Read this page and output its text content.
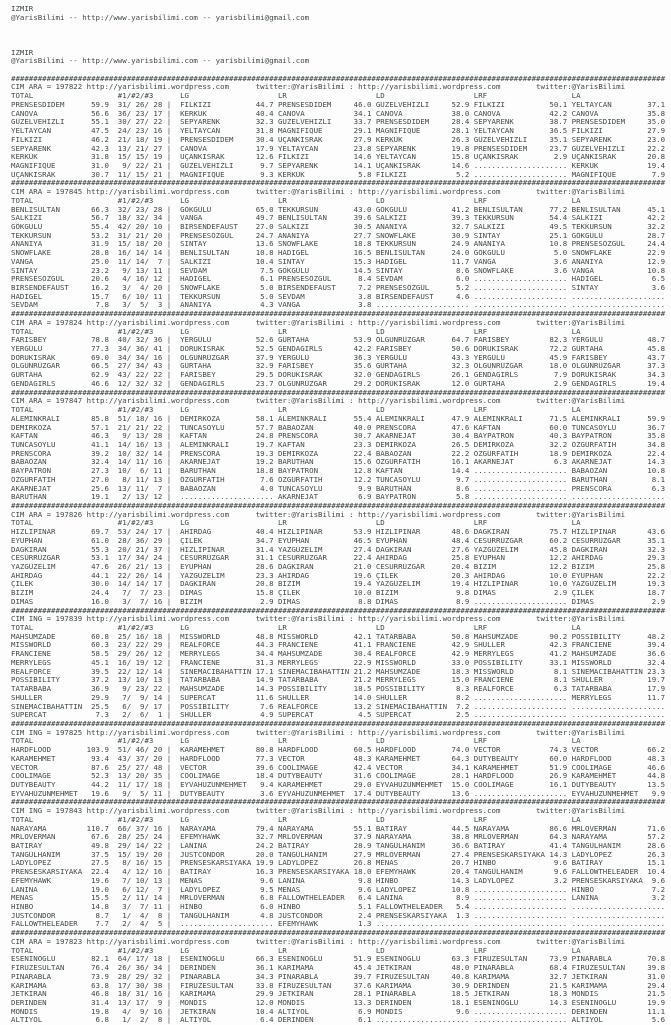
IZMIR
@YarisBilimi -- http://www.yarisbilimi.com -- yarisbilimi@gmail.com
IZMIR
@YarisBilimi -- http://www.yarisbilimi.com -- yarisbilimi@gmail.com
###################################################################################################################################################
CIM ARA = 197822 http://yarisbilimi.wordpress.com      twitter:@YarisBilimi : http://yarisbilimi.wordpress.com        twitter:@YarisBilimi
TOTAL                   #1/#2/#3      LG                    LR                    LD                    LRF                   LA
PRENSESDIDEM      59.9  31/ 26/ 28 |  FILKIZI          44.7 PRENSESDIDEM     46.0 GÜZELVEHIZLI     52.9 FILKIZI          50.1 YELTAYCAN        37.1
CANOVA            56.6  36/ 23/ 17 |  KERKÜK           40.4 CANOVA           34.1 CANOVA           38.0 CANOVA           42.2 CANOVA           35.8
GÜZELVEHIZLI      55.1  30/ 27/ 22 |  SEPYARENK        32.3 GÜZELVEHIZLI     33.7 PRENSESDIDEM     28.4 SEPYARENK        38.7 PRENSESDIDEM     35.0
YELTAYCAN         47.5  24/ 23/ 16 |  YELTAYCAN        31.8 MAGNIFIQUE       29.1 MAGNIFIQUE       28.1 YELTAYCAN        36.5 FILKIZI          27.9
FILKIZI           46.2  21/ 18/ 19 |  PRENSESDIDEM     30.4 UÇANKISRAK       27.9 KERKÜK           26.3 GÜZELVEHIZLI     35.1 SEPYARENK        23.0
SEPYARENK         42.3  13/ 21/ 27 |  CANOVA           17.9 YELTAYCAN        23.8 SEPYARENK        19.8 PRENSESDIDEM     23.7 GÜZELVEHIZLI     22.2
KERKÜK            31.8  15/ 15/ 19 |  UÇANKISRAK       12.6 FILKIZI          14.6 YELTAYCAN        15.8 UÇANKISRAK        2.9 UÇANKISRAK       20.8
MAGNIFIQUE        31.0   9/ 22/ 21 |  GÜZELVEHIZLI      9.7 SEPYARENK        14.1 UÇANKISRAK       14.6 ..................... KERKÜK           19.4
UÇANKISRAK        30.7  11/ 15/ 21 |  MAGNIFIQUE        9.3 KERKÜK            5.8 FILKIZI           5.2 ..................... MAGNIFIQUE        7.9
###################################################################################################################################################
CIM ARA = 197845 http://yarisbilimi.wordpress.com      twitter:@YarisBilimi : http://yarisbilimi.wordpress.com        twitter:@YarisBilimi
TOTAL                   #1/#2/#3      LG                    LR                    LD                    LRF                   LA
BENLISULTAN       66.3  32/ 23/ 28 |  GÖKGÜLÜ          65.0 TEKKURSUN        43.0 GÖKGÜLÜ          41.2 BENLISULTAN      77.2 BENLISULTAN      45.1
SALKIZI           56.7  18/ 32/ 34 |  VANGA            49.7 BENLISULTAN      39.6 SALKIZI          39.3 TEKKURSUN        54.4 SALKIZI          42.2
GÖKGÜLÜ           55.4  42/ 20/ 10 |  BIRSENDEFAUST    27.0 SALKIZI          30.5 ANANIYA          32.7 SALKIZI          49.5 TEKKURSUN        32.2
TEKKURSUN         53.2  31/ 21/ 20 |  PRENSESÖZGÜL     24.7 ANANIYA          27.7 SNOWFLAKE        30.9 SINTAY           25.1 GÖKGÜLÜ          28.7
ANANIYA           31.9  15/ 18/ 20 |  SINTAY           13.6 SNOWFLAKE        18.8 TEKKURSUN        24.9 ANANIYA          10.8 PRENSESÖZGÜL     24.4
SNOWFLAKE         28.8  16/ 14/ 14 |  BENLISULTAN      10.8 HADIGEL          16.5 BENLISULTAN      24.0 GÖKGÜLÜ           5.0 SNOWFLAKE        22.9
VANGA             25.0  11/ 14/  7 |  SALKIZI          10.4 SINTAY           15.3 HADIGEL          11.7 VANGA             3.6 ANANIYA          12.9
SINTAY            23.2   9/ 13/ 11 |  SEVDAM            7.5 GÖKGÜLÜ          14.5 SINTAY            8.6 SNOWFLAKE         3.6 VANGA            10.8
PRENSESÖZGÜL      20.6   4/ 16/ 12 |  HADIGEL           6.1 PRENSESÖZGÜL      8.4 SEVDAM            6.0 ..................... HADIGEL           6.5
BIRSENDEFAUST     16.2   3/  4/ 20 |  SNOWFLAKE         5.0 BIRSENDEFAUST     7.2 PRENSESÖZGÜL      5.2 ..................... SINTAY            3.6
HADIGEL           15.7   6/ 10/ 11 |  TEKKURSUN         5.0 SEVDAM            3.8 BIRSENDEFAUST     4.6 ..................... .....................
SEVDAM             7.8   3/  5/  3 |  ANANIYA           4.3 VANGA             3.8 ..................... ..................... .....................
###################################################################################################################################################
CIM ARA = 197824 http://yarisbilimi.wordpress.com      twitter:@YarisBilimi : http://yarisbilimi.wordpress.com        twitter:@YarisBilimi
TOTAL                   #1/#2/#3      LG                    LR                    LD                    LRF                   LA
FARISBEY          78.8  40/ 32/ 36 |  YERGÜLÜ          52.6 GÜRTAHA          53.9 OLGUNRÜZGAR      64.7 FARISBEY         82.3 YERGÜLÜ          48.7
YERGÜLÜ           77.3  34/ 36/ 41 |  DORUKISRAK       52.5 GENDAGIRLS       42.2 FARISBEY         50.6 DORUKISRAK       72.2 GÜRTAHA          45.8
DORUKISRAK        69.0  34/ 34/ 16 |  OLGUNRÜZGAR      37.9 YERGÜLÜ          36.3 YERGÜLÜ          43.3 YERGÜLÜ          45.9 FARISBEY         43.7
OLGUNRÜZGAR       66.5  27/ 34/ 43 |  GÜRTAHA          32.9 FARISBEY         35.6 GÜRTAHA          32.3 OLGUNRÜZGAR      18.0 OLGUNRÜZGAR      37.3
GÜRTAHA           62.9  43/ 22/ 22 |  FARISBEY         29.5 DORUKISRAK       32.0 GENDAGIRLS       26.1 GENDAGIRLS        7.9 DORUKISRAK       34.3
GENDAGIRLS        46.6  12/ 32/ 32 |  GENDAGIRLS       23.7 OLGUNRÜZGAR      29.2 DORUKISRAK       12.0 GÜRTAHA           2.9 GENDAGIRLS       19.4
###################################################################################################################################################
CIM ARA = 197847 http://yarisbilimi.wordpress.com      twitter:@YarisBilimi : http://yarisbilimi.wordpress.com        twitter:@YarisBilimi
TOTAL                   #1/#2/#3      LG                    LR                    LD                    LRF                   LA
ALEMINKRALI       85.8  51/ 18/ 16 |  DEMIRKOZA        58.1 ALEMINKRALI      55.4 ALEMINKRALI      47.9 ALEMINKRALI      71.5 ALEMINKRALI      59.9
DEMIRKOZA         57.1  21/ 21/ 22 |  TUNCASOYLU       57.7 BABAOZAN         40.0 PRENSCORA        47.6 KAFTAN           60.0 TUNCASOYLU       36.7
KAFTAN            46.3   9/ 13/ 28 |  KAFTAN           24.8 PRENSCORA        30.7 AKARNEJAT        30.4 BAYPATRON        40.3 BAYPATRON        35.8
TUNCASOYLU        41.1  14/ 16/ 13 |  ALEMINKRALI      19.7 KAFTAN           23.3 DEMIRKOZA        26.5 DEMIRKOZA        32.2 ÖZGÜRFATIH       34.8
PRENSCORA         39.2  10/ 32/ 14 |  PRENSCORA        19.3 DEMIRKOZA        22.4 BABAOZAN         22.2 ÖZGÜRFATIH       18.9 DEMIRKOZA        22.4
BABAOZAN          32.4  14/ 11/ 16 |  AKARNEJAT        19.2 BARUTHAN         15.6 ÖZGÜRFATIH       16.1 AKARNEJAT         6.3 AKARNEJAT        14.3
BAYPATRON         27.3  10/  6/ 11 |  BARUTHAN         18.8 BAYPATRON        12.8 KAFTAN           14.4 ..................... BABAOZAN         10.8
ÖZGÜRFATIH        27.0   8/ 11/ 13 |  ÖZGÜRFATIH        7.6 ÖZGÜRFATIH       12.2 TUNCASOYLU        9.7 ..................... BARUTHAN          8.1
AKARNEJAT         25.6  13/ 11/  7 |  BABAOZAN          4.0 TUNCASOYLU        9.9 BARUTHAN          8.6 ..................... PRENSCORA         6.3
BARUTHAN          19.1   2/ 13/ 12 |  ..................... AKARNEJAT         6.9 BAYPATRON         5.8 ..................... .....................
###################################################################################################################################################
CIM ARA = 197826 http://yarisbilimi.wordpress.com      twitter:@YarisBilimi : http://yarisbilimi.wordpress.com        twitter:@YarisBilimi
TOTAL                   #1/#2/#3      LG                    LR                    LD                    LRF                   LA
HIZLIPINAR        69.7  53/ 24/ 17 |  AHIRDAG          40.4 HIZLIPINAR       53.9 HIZLIPINAR       48.6 DAGKIRAN         75.7 HIZLIPINAR       43.6
EYUPHAN           61.0  28/ 36/ 29 |  ÇILEK            34.7 EYUPHAN          46.5 EYUPHAN          48.4 CESURRÜZGAR      60.2 CESURRÜZGAR      35.1
DAGKIRAN          55.3  20/ 21/ 37 |  HIZLIPINAR       31.4 YAZGÜZELIM       27.4 DAGKIRAN         27.6 YAZGÜZELIM       45.8 DAGKIRAN         32.3
CESURRÜZGAR       53.1  17/ 34/ 24 |  CESURRÜZGAR      31.1 CESURRÜZGAR      22.4 AHIRDAG          25.8 EYUPHAN          12.2 AHIRDAG          29.3
YAZGÜZELIM        47.6  26/ 21/ 13 |  EYUPHAN          28.6 DAGKIRAN         21.0 CESURRÜZGAR      20.4 BIZIM            12.2 BIZIM            25.8
AHIRDAG           44.1  22/ 26/ 14 |  YAZGÜZELIM       23.3 AHIRDAG          19.6 ÇILEK            20.3 AHIRDAG          10.0 EYUPHAN          22.2
ÇILEK             30.0  14/ 14/ 17 |  DAGKIRAN         20.8 BIZIM            19.4 YAZGÜZELIM       19.4 HIZLIPINAR       10.0 YAZGÜZELIM       19.3
BIZIM             24.4   7/  7/ 23 |  DIMAS            15.8 ÇILEK            10.0 BIZIM             9.8 DIMAS             2.9 ÇILEK            18.7
DIMAS             16.0   3/  7/ 16 |  BIZIM             2.9 DIMAS             8.8 DIMAS             8.9 ..................... DIMAS             2.9
###################################################################################################################################################
CIM ING = 197839 http://yarisbilimi.wordpress.com      twitter:@YarisBilimi : http://yarisbilimi.wordpress.com        twitter:@YarisBilimi
TOTAL                   #1/#2/#3      LG                    LR                    LD                    LRF                   LA
MAHSUMZADE        60.8  25/ 16/ 18 |  MISSWORLD        48.8 MISSWORLD        42.1 TATARBABA        50.8 MAHSUMZADE       90.2 POSSIBILITY      48.2
MISSWORLD         60.3  23/ 22/ 29 |  REALFORCE        44.3 FRANCIENE        41.1 FRANCIENE        42.9 SHULLER          42.3 FRANCIENE        39.4
FRANCIENE         58.5  29/ 26/ 12 |  MERRYLEGS        34.4 MAHSUMZADE       30.4 REALFORCE        42.9 MERRYLEGS        41.2 MAHSUMZADE       36.6
MERRYLEGS         45.1  16/ 19/ 12 |  FRANCIENE        31.3 MERRYLEGS        22.9 MISSWORLD        33.0 POSSIBILITY      33.1 MISSWORLD        32.4
REALFORCE         39.5  22/ 12/ 14 |  SINEMACIBAHATTIN 17.1 SINEMACIBAHATTIN 21.2 MAHSUMZADE       18.3 MISSWORLD         8.1 SINEMACIBAHATTIN 23.3
POSSIBILITY       37.2  13/ 10/ 13 |  TATARBABA        14.9 TATARBABA        21.2 MERRYLEGS        15.0 FRANCIENE         8.1 SHULLER          19.7
TATARBABA         36.9   9/ 23/ 22 |  MAHSUMZADE       14.3 POSSIBILITY      18.5 POSSIBILITY       8.3 REALFORCE         6.3 TATARBABA        17.9
SHULLER           29.9   7/  9/ 14 |  SUPERCAT         11.6 SHULLER          14.0 SHULLER           8.2 ..................... MERRYLEGS        11.7
SINEMACIBAHATTIN  25.5   6/  9/ 17 |  POSSIBILITY       7.6 REALFORCE        13.2 SINEMACIBAHATTIN  7.2 ..................... .....................
SUPERCAT           7.3   2/  6/  1 |  SHULLER           4.9 SUPERCAT          4.5 SUPERCAT          2.5 ..................... .....................
###################################################################################################################################################
CIM ING = 197825 http://yarisbilimi.wordpress.com      twitter:@YarisBilimi : http://yarisbilimi.wordpress.com        twitter:@YarisBilimi
TOTAL                   #1/#2/#3      LG                    LR                    LD                    LRF                   LA
HARDFLOOD        103.9  51/ 46/ 20 |  KARAMEHMET       80.8 HARDFLOOD        60.5 HARDFLOOD        74.0 VECTOR           74.3 VECTOR           66.2
KARAMEHMET        93.4  43/ 37/ 20 |  HARDFLOOD        77.3 VECTOR           48.3 KARAMEHMET       64.3 DUTYBEAUTY       60.0 HARDFLOOD        48.3
VECTOR            87.6  25/ 27/ 48 |  VECTOR           39.6 COOLIMAGE        42.4 VECTOR           34.1 KARAMEHMET       51.9 COOLIMAGE        46.6
COOLIMAGE         52.3  13/ 20/ 35 |  COOLIMAGE        18.4 DUTYBEAUTY       31.6 COOLIMAGE        28.1 HARDFLOOD        26.9 KARAMEHMET       44.8
DUTYBEAUTY        44.2  11/ 17/ 18 |  EYVAHUZUNMEHMET   9.4 KARAMEHMET       29.0 EYVAHUZUNMEHMET  15.0 COOLIMAGE        16.1 DUTYBEAUTY       13.5
EYVAHUZUNMEHMET   19.6   9/  5/ 11 |  DUTYBEAUTY        3.6 EYVAHUZUNMEHMET  17.4 DUTYBEAUTY       13.6 ..................... EYVAHUZUNMEHMET   9.9
###################################################################################################################################################
CIM ING = 197843 http://yarisbilimi.wordpress.com      twitter:@YarisBilimi : http://yarisbilimi.wordpress.com        twitter:@YarisBilimi
TOTAL                   #1/#2/#3      LG                    LR                    LD                    LRF                   LA
NARAYAMA         110.7  66/ 37/ 16 |  NARAYAMA         79.4 NARAYAMA         55.1 BATIRAY          44.5 NARAYAMA         86.6 MRLOVERMAN       71.6
MRLOVERMAN        67.6  28/ 25/ 24 |  EFEMYHAWK        32.7 MRLOVERMAN       37.9 NARAYAMA         38.8 MRLOVERMAN       64.3 NARAYAMA         57.2
BATIRAY           49.8  29/ 14/ 22 |  LANINA           24.2 BATIRAY          28.9 TANGÜLHANIM      36.6 BATIRAY          41.4 TANGÜLHANIM      28.6
TANGÜLHANIM       37.5  15/ 19/ 20 |  JUSTCONDOR       20.0 TANGÜLHANIM      27.9 MRLOVERMAN       27.4 PRENSESKARSIYAKA 14.3 LADYLOPEZ        26.3
LADYLOPEZ         27.5   8/ 16/ 15 |  PRENSESKARSIYAKA 19.9 LADYLOPEZ        26.8 MENAS            20.7 HINBO             9.6 BATIRAY          15.1
PRENSESKARSIYAKA  22.4   4/ 12/ 16 |  BATIRAY          16.3 PRENSESKARSIYAKA 18.0 EFEMYHAWK        20.4 TANGÜLHANIM       9.6 FALLOWTHELEADER  10.4
EFEMYHAWK         19.6   7/ 10/ 13 |  MENAS             9.6 LANINA            9.8 HINBO            14.3 LADYLOPEZ         3.2 PRENSESKARSIYAKA  9.6
LANINA            19.0   6/ 12/  7 |  LADYLOPEZ         9.5 MENAS             9.6 LADYLOPEZ        10.8 ..................... HINBO             7.2
MENAS             15.5   2/ 11/ 14 |  MRLOVERMAN        6.8 FALLOWTHELEADER   6.4 LANINA            8.9 ..................... LANINA            3.2
HINBO             14.8   3/  7/ 11 |  HINBO             6.0 HINBO             5.1 FALLOWTHELEADER   5.4 ..................... .....................
JUSTCONDOR         8.7   1/  4/  8 |  TANGÜLHANIM       4.8 JUSTCONDOR        2.4 PRENSESKARSIYAKA  1.3 ..................... .....................
FALLOWTHELEADER    7.7   2/  4/  5 |  ..................... EFEMYHAWK         1.3 ..................... ..................... .....................
###################################################################################################################################################
CIM ARA = 197823 http://yarisbilimi.wordpress.com      twitter:@YarisBilimi : http://yarisbilimi.wordpress.com        twitter:@YarisBilimi
TOTAL                   #1/#2/#3      LG                    LR                    LD                    LRF                   LA
ESENINOGLU        82.1  64/ 17/ 18 |  ESENINOGLU       66.3 ESENINOGLU       51.9 ESENINOGLU       63.3 FIRUZESULTAN     73.9 PINARABLA        70.8
FIRUZESULTAN      76.4  26/ 36/ 34 |  DERINDEN         36.1 KARIMAMA         45.4 JETKIRAN         48.0 PINARABLA        68.4 FIRUZESULTAN     39.8
PINARABLA         73.9  28/ 29/ 32 |  PINARABLA        34.3 PINARABLA        39.7 FIRUZESULTAN     40.8 KARIMAMA         32.7 JETKIRAN         31.0
KARIMAMA          63.8  17/ 30/ 38 |  FIRUZESULTAN     33.8 FIRUZESULTAN     37.6 KARIMAMA         30.9 DERINDEN         21.5 KARIMAMA         29.4
JETKIRAN          46.8  18/ 31/ 16 |  KARIMAMA         29.9 JETKIRAN         28.1 PINARABLA        18.5 JETKIRAN         18.3 MONDIS           21.5
DERINDEN          31.4  13/ 17/  9 |  MONDIS           12.0 MONDIS           13.3 DERINDEN         18.1 ESENINOGLU       14.3 ESENINOGLU       19.9
MONDIS            19.8   4/  9/ 16 |  JETKIRAN         10.4 ALTIYOL           6.9 MONDIS            9.6 ..................... DERINDEN         11.1
ALTIYOL            6.8   1/  2/  8 |  ALTIYOL           6.4 DERINDEN          6.1 ..................... ..................... ALTIYOL           5.6
